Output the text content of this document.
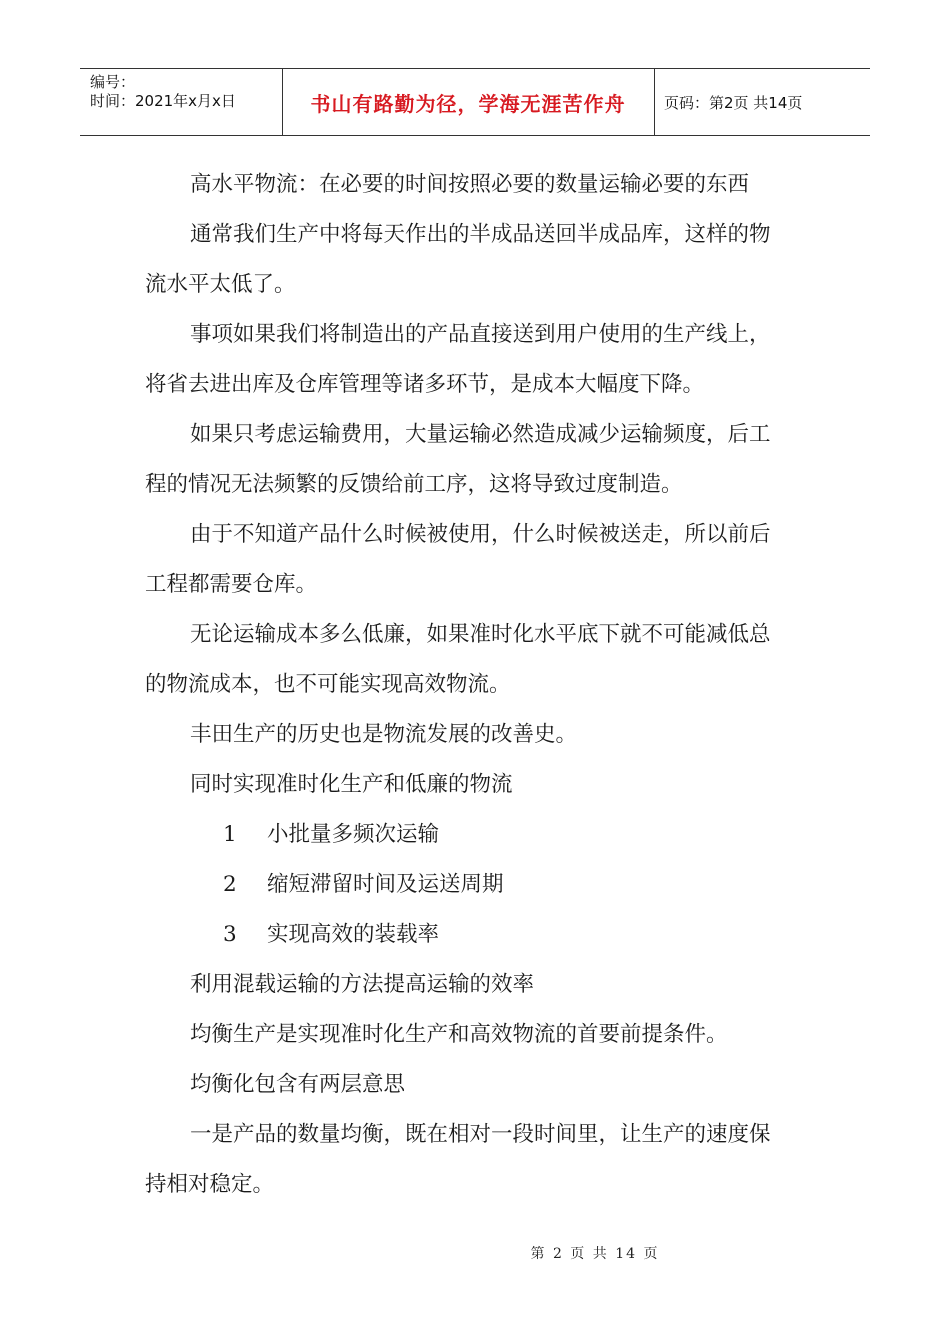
编号：
时间：2021年x月x日	书山有路勤为径，学海无涯苦作舟	页码：第2页 共14页
高水平物流：在必要的时间按照必要的数量运输必要的东西
通常我们生产中将每天作出的半成品送回半成品库，这样的物
流水平太低了。
事项如果我们将制造出的产品直接送到用户使用的生产线上，
将省去进出库及仓库管理等诸多环节，是成本大幅度下降。
如果只考虑运输费用，大量运输必然造成减少运输频度，后工
程的情况无法频繁的反馈给前工序，这将导致过度制造。
由于不知道产品什么时候被使用，什么时候被送走，所以前后
工程都需要仓库。
无论运输成本多么低廉，如果准时化水平底下就不可能减低总
的物流成本，也不可能实现高效物流。
丰田生产的历史也是物流发展的改善史。
同时实现准时化生产和低廉的物流
1 小批量多频次运输
2 缩短滞留时间及运送周期
3 实现高效的装载率
利用混载运输的方法提高运输的效率
均衡生产是实现准时化生产和高效物流的首要前提条件。
均衡化包含有两层意思
一是产品的数量均衡，既在相对一段时间里，让生产的速度保
持相对稳定。
第 2 页 共 14 页
